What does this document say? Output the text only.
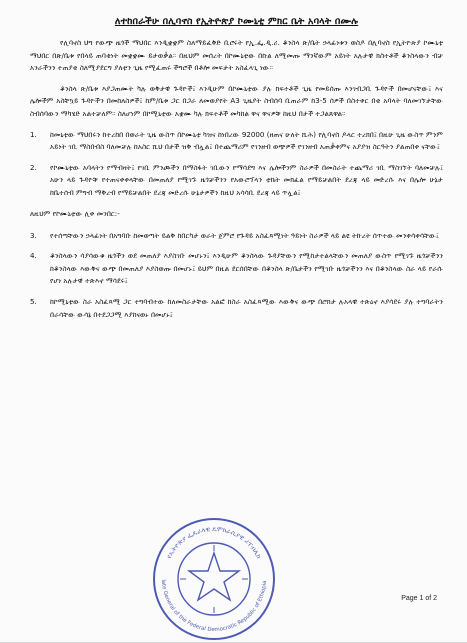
ለተከበራችሁ በሊባኖስ የኢትዮጵያ ኮሙኒቲ ምክር ቤት አባላት በሙሉ

የሊባኖስ ህግ የውጭ ዜጎች ማህበር እንዲቋቋም ስለማይፈቅድ ቢሮሩት የኢ.ፌ.ዲ.ሪ. ቆንስላ ጽ/ቤት ኃላፊነቱን ወስዶ በሊባኖስ የኢትዮጵያ ኮሙኒቲ ማህበር በጽ/ቤቱ የበላይ ጠባቂነት መቋቋሙ ይታወቃል። በዚህም መሰረት በኮሙኒቲው በኩል ለሚመጡ ማንኛውም አይነት አሉታዊ ክስተቶች ቆንስላውን ብቻ አንራችንን ተጠያቂ ስለሚያደርግ ያለቲን ጊዜ የሚፈጠሩ ችግሮች በቶሎ መፍታት አስፈላጊ ነው።

ቆንስላ ጽ/ቤቱ እያጋጠሙት ካሉ ወቅታዊ ጉዳዮች፤ እንዲሁም በኮሙኒቲው ያሉ ክፍተቶች ጊዜ የመይሰጡ እንገብጋቢ ጉዳዮች በመሆናቸው፤ እና ሌሎችም አስቸኳይ ጉዳዮችን በመከለስዎች፤ ከም/ቤቱ ጋር በጋራ ለመወያየት A3 ጊዜያት ስብሰባ ቢጠራም ከ3-5 ሰዎች በስተቀር በቂ አባላት ባለመገኘታቸው ስብሰባውን ማካሄድ አልተቻለም። ስለሆነም በኮሚኒቲው አቋሙ ካሉ ክፍተቶች መካከል ዋና ዋናዎቹ ከዚህ በታች ተጋልጸዋል።

1.	ከመኒቲው ማህበሩን ከተረከበ በወራት ጊዜ ውስጥ በኮሙኒቲ ካዝና ከነበረው 92000 (ዘጠና ሁለት ሺሕ) የሊባኖስ ዶላር ተረክበ፤ በዚሁ ጊዜ ውስጥ ምንም አይነት ገቢ ማስበብስ ባለመቻሉ ከአስር ሺህ በታች ዝቅ ብሏል፤ በተጨማሪም የገንዘብ ወጭዎች የገንዘብ አጠቃቀምና አያያዝ ስርዓትን ያልጠበቀ ናቸው፤
2.	የኮሙኒቲው አባላትን የማብዛት፤ የገቢ ምንጮችን በማስፋት ገቢውን የማሳደግ እና ሌሎችንም ስራዎች በመስራት ተጨማሪ ገቢ ማስገኘት ባለመቻሉ፤ አሁን ላይ ጉዳዮቹ የተጠናቀቀላቸው በመጠለያ የሚገኙ ዜጎቻችንን የአውሮፕላን ቲኬት መክፈል የማይቻልበት ደረጃ ላይ መድረሱ እና በሌሎ ሁኔታ ከቤተሰብ ምግብ ማቅረብ የማይቻልበት ደረጃ መድረሱ ሁኔታዎችን ከዚህ አሳሳቢ ደረጃ ላይ ጥሏል፤
ለዚህም የኮሙኒቲው ሊቀ መንበር:-
3.	የተሰጣቸውን ኃላፊነት በአግባቡ ከመወጣት ይልቅ ከበርካታ ወራት ጀምሮ የጉዳይ አስፈጻሚነት ዓይነት ስራዎች ላይ ልዩ ትኩረት ሰጥተው መንቀሳቀሳቸው፤
4.	ቆንስላውን ሳያሳውቁ ዜጎችን ወደ መጠለያ እያስገቡ መሆኑን፤ እንዲሁም ቆንስላው ጉዳያቸውን የሚከታተልላቸውን መጠለያ ውስጥ የሚገኙ ዜጎቻችንን ከቆንስላው እውቅና ውጭ በመጠለያ እያስወጡ በመሆኑ፤ ይህም በዚል ደርሰበቸው በቆንስላ ጽ/ቤታችን የሚገቡ ዜጎቻችንን እና በቆንስላው ስራ ላይ የራሱ የሆነ አሉታዊ ተጽእኖ ማሳደሩ፤
5.	ከኮሚኒቲው ስራ አስፈጻሚ ጋር ተግባብተው ከለመስራታቸው አልፎ ከስራ አስፈጻሚው እውቅና ውጭ በሮክታ ሉአላዊ ተጽዕኖ እያሳደሩ ያሉ ተግባራትን በራሳቸው ውሳኔ በተደጋጋሚ እያከናወኑ በመሆኑ፤
የኢትዮጵያ ፌዴራላዊ ዴሞክራሲያዊ ሪፐብሊክ
late General of the Federal Democratic Republic of Ethiopia
Page 1 of 2
